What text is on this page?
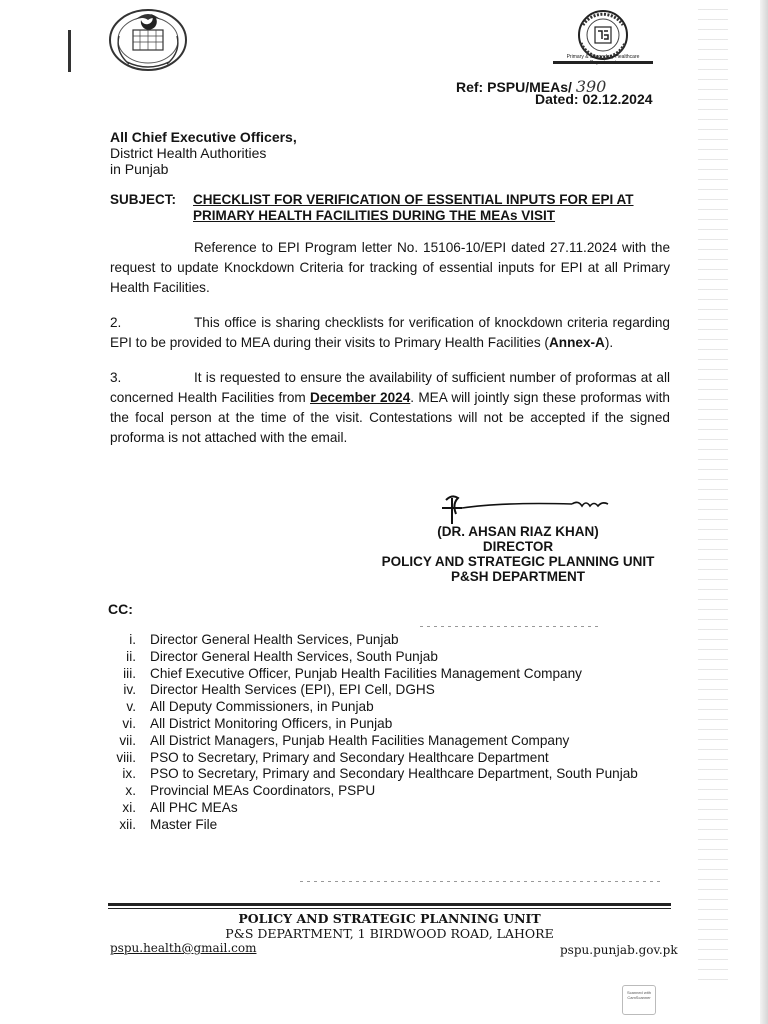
Primary & Secondary Healthcare
Ref: PSPU/MEAs/ 390
Dated: 02.12.2024
All Chief Executive Officers,
District Health Authorities
in Punjab
SUBJECT: CHECKLIST FOR VERIFICATION OF ESSENTIAL INPUTS FOR EPI AT
PRIMARY HEALTH FACILITIES DURING THE MEAs VISIT
Reference to EPI Program letter No. 15106-10/EPI dated 27.11.2024 with the request to update Knockdown Criteria for tracking of essential inputs for EPI at all Primary Health Facilities.
2.	This office is sharing checklists for verification of knockdown criteria regarding EPI to be provided to MEA during their visits to Primary Health Facilities (Annex-A).
3.	It is requested to ensure the availability of sufficient number of proformas at all concerned Health Facilities from December 2024. MEA will jointly sign these proformas with the focal person at the time of the visit. Contestations will not be accepted if the signed proforma is not attached with the email.
(DR. AHSAN RIAZ KHAN)
DIRECTOR
POLICY AND STRATEGIC PLANNING UNIT
P&SH DEPARTMENT
CC:
i.	Director General Health Services, Punjab
ii.	Director General Health Services, South Punjab
iii.	Chief Executive Officer, Punjab Health Facilities Management Company
iv.	Director Health Services (EPI), EPI Cell, DGHS
v.	All Deputy Commissioners, in Punjab
vi.	All District Monitoring Officers, in Punjab
vii.	All District Managers, Punjab Health Facilities Management Company
viii.	PSO to Secretary, Primary and Secondary Healthcare Department
ix.	PSO to Secretary, Primary and Secondary Healthcare Department, South Punjab
x.	Provincial MEAs Coordinators, PSPU
xi.	All PHC MEAs
xii.	Master File
POLICY AND STRATEGIC PLANNING UNIT
P&S DEPARTMENT, 1 BIRDWOOD ROAD, LAHORE
pspu.health@gmail.com	pspu.punjab.gov.pk
Scanned with CamScanner
